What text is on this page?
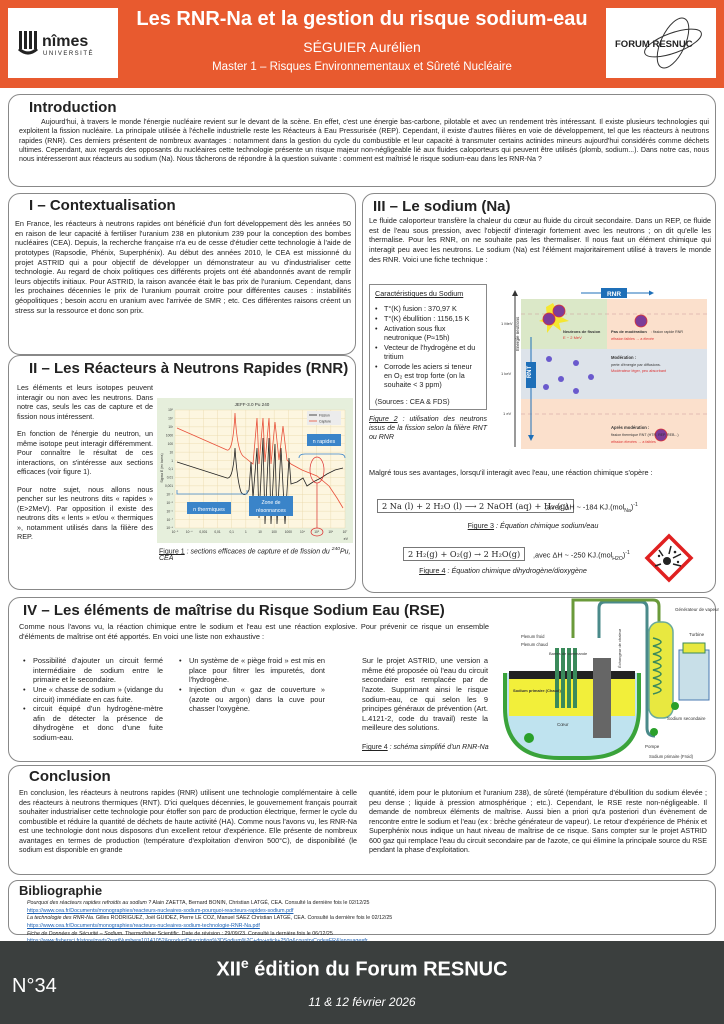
nîmes
UNIVERSITÉ
Les RNR-Na et la gestion du risque sodium-eau
SÉGUIER Aurélien
Master 1 – Risques Environnementaux et Sûreté Nucléaire
FORUM RESNUC
Introduction
Aujourd'hui, à travers le monde l'énergie nucléaire revient sur le devant de la scène. En effet, c'est une énergie bas-carbone, pilotable et avec un rendement très intéressant. Il existe plusieurs technologies qui exploitent la fission nucléaire. La principale utilisée à l'échelle industrielle reste les Réacteurs à Eau Pressurisée (REP). Cependant, il existe d'autres filières en voie de développement, tel que les réacteurs à neutrons rapides (RNR). Ces derniers présentent de nombreux avantages : notamment dans la gestion du cycle du combustible et leur capacité à transmuter certains actinides mineurs aujourd'hui considérés comme déchets ultimes. Cependant, aux regards des opposants du nucléaires cette technologie présente un risque majeur non-négligeable lié aux fluides caloporteurs qui peuvent être utilisés (plomb, sodium...). Dans notre cas, nous nous intéresseront aux réacteurs au sodium (Na). Nous tâcherons de répondre à la question suivante : comment est maîtrisé le risque sodium-eau dans les RNR-Na ?
I – Contextualisation
En France, les réacteurs à neutrons rapides ont bénéficié d'un fort développement dès les années 50 en raison de leur capacité à fertiliser l'uranium 238 en plutonium 239 pour la conception des bombes nucléaires (CEA). Depuis, la recherche française n'a eu de cesse d'étudier cette technologie à l'aide de prototypes (Rapsodie, Phénix, Superphénix). Au début des années 2010, le CEA est missionné du projet ASTRID qui a pour objectif de développer un démonstrateur au vu d'industrialiser cette technologie. Au regard de choix politiques ces différents projets ont été abandonnés avant de remplir leurs objectifs initiaux. Pour ASTRID, la raison avancée était le bas prix de l'uranium. Cependant, dans les prochaines décennies le prix de l'uranium pourrait croitre pour différentes causes : instabilités géopolitiques ; besoin accru en uranium avec l'arrivée de SMR ; etc. Ces différentes raisons créent un stress sur la ressource et donc son prix.
II – Les Réacteurs à Neutrons Rapides (RNR)

Les éléments et leurs isotopes peuvent interagir ou non avec les neutrons. Dans notre cas, seuls les cas de capture et de fission nous intéressent.

En fonction de l'énergie du neutron, un même isotope peut interagir différemment. Pour connaître le résultat de ces interactions, on s'intéresse aux sections efficaces (voir figure 1).

Pour notre sujet, nous allons nous pencher sur les neutrons dits « rapides » (E>2MeV). Par opposition il existe des neutrons dits « lents » et/ou « thermiques », notamment utilisés dans la filière des REP.

10⁵
10⁴
10³
1000
100
10
1
0,1
0,01
0,001
10⁻⁴
10⁻⁵
10⁻⁶
10⁻⁷
10⁻⁸
10⁻⁵ 10⁻⁴ 0,001 0,01	0,1	1	10	100 1000	10⁴	10⁵	10⁶	10⁷
JEFF-3.0 Pu 240
Sigma E (en barns)
eV
Fission
Capture
n rapides
n thermiques
Zone de
résonnances
Figure 1 : sections efficaces de capture et de fission du $^{240}$Pu, CEA
III – Le sodium (Na)
Le fluide caloporteur transfère la chaleur du cœur au fluide du circuit secondaire. Dans un REP, ce fluide est de l'eau sous pression, avec l'objectif d'interagir fortement avec les neutrons ; on dit qu'elle les thermalise. Pour les RNR, on ne souhaite pas les thermaliser. Il nous faut un élément chimique qui interagit peu avec les neutrons. Le sodium (Na) est l'élément majoritairement utilisé à travers le monde des RNR. Voici une fiche technique :
Caractéristiques du Sodium
• T°(K) fusion : 370,97 K
• T°(K) ébullition : 1156,15 K
• Activation sous flux neutronique (P≈15h)
• Vecteur de l'hydrogène et du tritium
• Corrode les aciers si teneur en O₂ est trop forte (on la souhaite < 3 ppm)
(Sources : CEA & FDS)
Figure 2 : utilisation des neutrons issus de la fission selon la filière RNT ou RNR
Énergie neutrons
1 MeV
1 keV
1 eV
RNR
RNT
Neutrons de fission
E ~ 2 MeV
Pas de modération : fission rapide RNR
σfission faibles → a élevée
Modération :
perte d'énergie par diffusions.
Modérateur léger, peu absorbant
Après modération :
fission thermique RNT (HTR, REP, REB...)
σfission élevées → a faibles
Malgré tous ses avantages, lorsqu'il interagit avec l'eau, une réaction chimique s'opère :
2 Na (l) + 2 H₂O (l) ⟶ 2 NaOH (aq) + H₂ (g)
,avec ΔH ~ -184 $KJ.(mol_{Na})^{-1}$
Figure 3 : Équation chimique sodium/eau
2 H₂(g) + O₂(g) → 2 H₂O(g)	,avec ΔH ~ -250 $KJ.(mol_{H2O})^{-1}$
Figure 4 : Équation chimique dihydrogène/dioxygène
IV – Les éléments de maîtrise du Risque Sodium Eau (RSE)
Comme nous l'avons vu, la réaction chimique entre le sodium et l'eau est une réaction explosive. Pour prévenir ce risque un ensemble d'éléments de maîtrise ont été apportés. En voici une liste non exhaustive :
• Possibilité d'ajouter un circuit fermé intermédiaire de sodium entre le primaire et le secondaire.
• Une « chasse de sodium » (vidange du circuit) immédiate en cas fuite.
• circuit équipé d'un hydrogène-mètre afin de détecter la présence de dihydrogène et donc d'une fuite sodium-eau.
• Un système de « piège froid » est mis en place pour filtrer les impuretés, dont l'hydrogène.
• Injection d'un « gaz de couverture » (azote ou argon) dans la cuve pour chasser l'oxygène.
Sur le projet ASTRID, une version a même été proposée où l'eau du circuit secondaire est remplacée par de l'azote. Supprimant ainsi le risque sodium-eau, ce qui selon les 9 principes généraux de prévention (Art. L.4121-2, code du travail) reste la meilleure des solutions.
Figure 4 : schéma simplifié d'un RNR-Na
Générateur de vapeur
Turbine
Plenum froid
Plenum chaud
Barres de commande	Échangeur de chaleur
Sodium primaire (Chaud)
Cœur
Pompe
Sodium secondaire
Sodium primaire (Froid)
Conclusion
En conclusion, les réacteurs à neutrons rapides (RNR) utilisent une technologie complémentaire à celle des réacteurs à neutrons thermiques (RNT). D'ici quelques décennies, le gouvernement français pourrait souhaiter industrialiser cette technologie pour étoffer son parc de production électrique, fermer le cycle du combustible et réduire la quantité de déchets de haute activité (HA). Comme nous l'avons vu, les RNR-Na est une technologie dont nous disposons d'un excellent retour d'expérience. Elle présente de nombreux avantages en termes de production (température d'exploitation d'environ 500°C), de disponibilité (le sodium est disponible en grande
quantité, idem pour le plutonium et l'uranium 238), de sûreté (température d'ébullition du sodium élevée ; peu dense ; liquide à pression atmosphérique ; etc.). Cependant, le RSE reste non-négligeable. Il demande de nombreux éléments de maîtrise. Aussi bien a priori qu'a posteriori d'un évènement de rencontre entre le sodium et l'eau (ex : brèche générateur de vapeur). Le retour d'expérience de Phénix et Superphénix nous indique un haut niveau de maîtrise de ce risque. Sans compter sur le projet ASTRID 600 gaz qui remplace l'eau du circuit secondaire par de l'azote, ce qui élimine la principale source du RSE pendant la phase d'exploitation.
Bibliographie
Pourquoi des réacteurs rapides refroidis au sodium ? Alain ZAETTA, Bernard BONIN, Christian LATGÉ, CEA. Consulté la dernière fois le 02/12/25
https://www.cea.fr/Documents/monographies/reacteurs-nucleaires-sodium-pourquoi-reacteurs-rapides-sodium.pdf
La technologie des RNR-Na. Gilles RODRIGUEZ, Joël GUIDEZ, Pierre LE COZ, Manuel SAEZ Christian LATGÉ, CEA. Consulté la dernière fois le 02/12/25
https://www.cea.fr/Documents/monographies/reacteurs-nucleaires-sodium-technologie-RNR-Na.pdf
Fiche de Données de Sécurité – Sodium. Thermofisher Scientific. Date de révision : 29/09/23. Consulté la dernière fois le 06/12/25
N°34
XIIe édition du Forum RESNUC
11 & 12 février 2026
